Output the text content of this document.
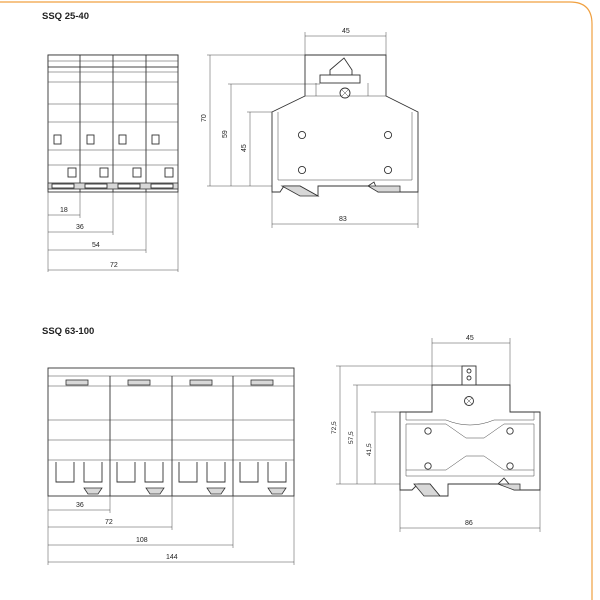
SSQ 25-40
18
36
54
72
45
83
70
59
45
SSQ 63-100
36
72
108
144
45
86
72,5
57,5
41,5
